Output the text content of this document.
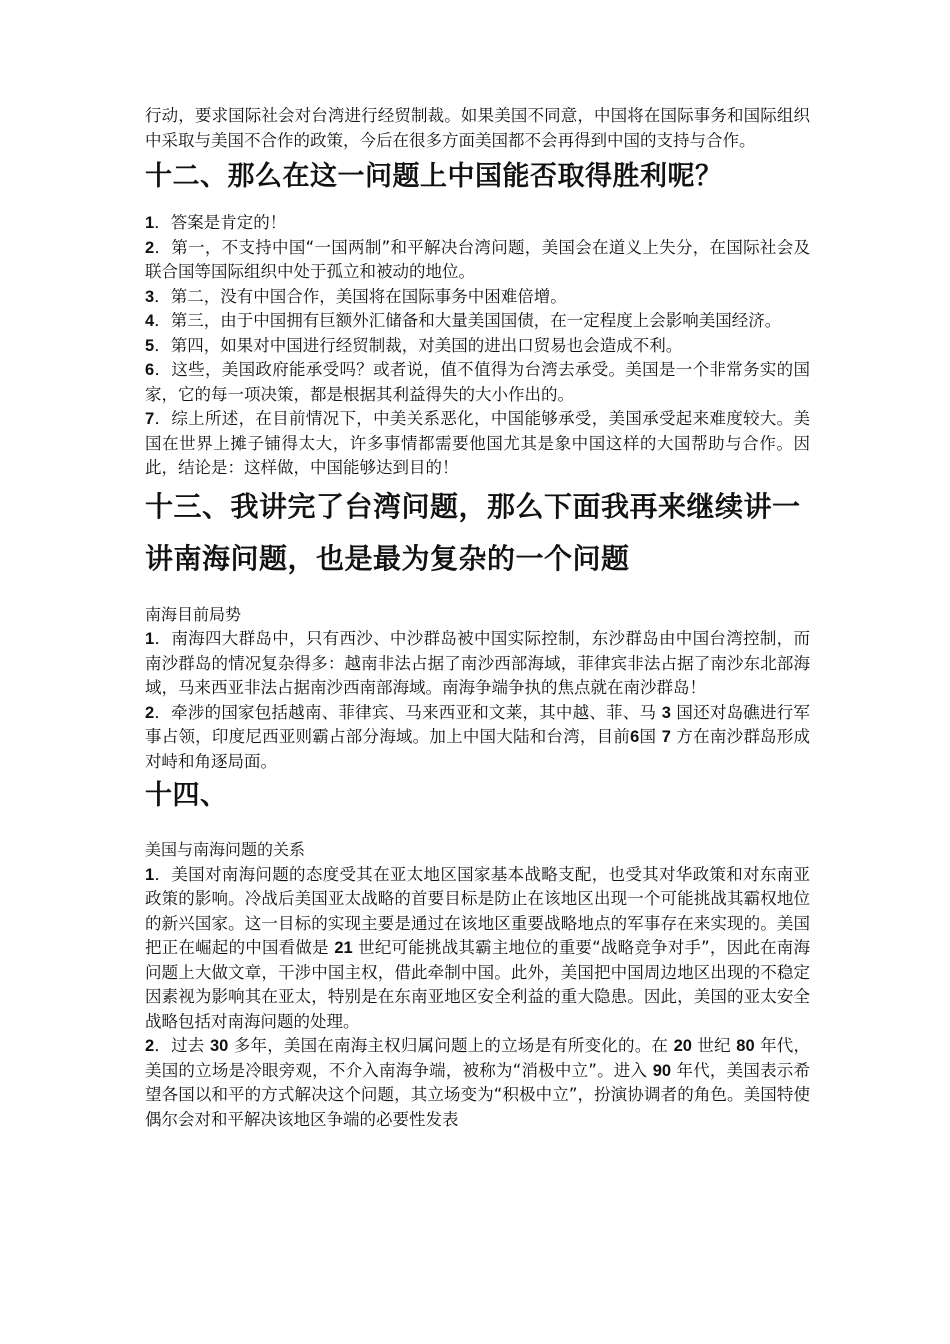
行动，要求国际社会对台湾进行经贸制裁。如果美国不同意，中国将在国际事务和国际组织中采取与美国不合作的政策，今后在很多方面美国都不会再得到中国的支持与合作。

十二、那么在这一问题上中国能否取得胜利呢？

1．答案是肯定的！

2．第一，不支持中国“一国两制”和平解决台湾问题，美国会在道义上失分，在国际社会及联合国等国际组织中处于孤立和被动的地位。

3．第二，没有中国合作，美国将在国际事务中困难倍增。

4．第三，由于中国拥有巨额外汇储备和大量美国国债，在一定程度上会影响美国经济。

5．第四，如果对中国进行经贸制裁，对美国的进出口贸易也会造成不利。

6．这些，美国政府能承受吗？或者说，值不值得为台湾去承受。美国是一个非常务实的国家，它的每一项决策，都是根据其利益得失的大小作出的。

7．综上所述，在目前情况下，中美关系恶化，中国能够承受，美国承受起来难度较大。美国在世界上摊子铺得太大，许多事情都需要他国尤其是象中国这样的大国帮助与合作。因此，结论是：这样做，中国能够达到目的！

十三、我讲完了台湾问题，那么下面我再来继续讲一讲南海问题，也是最为复杂的一个问题

南海目前局势

1．南海四大群岛中，只有西沙、中沙群岛被中国实际控制，东沙群岛由中国台湾控制，而南沙群岛的情况复杂得多：越南非法占据了南沙西部海域，菲律宾非法占据了南沙东北部海域，马来西亚非法占据南沙西南部海域。南海争端争执的焦点就在南沙群岛！

2．牵涉的国家包括越南、菲律宾、马来西亚和文莱，其中越、菲、马 3 国还对岛礁进行军事占领，印度尼西亚则霸占部分海域。加上中国大陆和台湾，目前6国 7 方在南沙群岛形成对峙和角逐局面。

十四、

美国与南海问题的关系

1．美国对南海问题的态度受其在亚太地区国家基本战略支配，也受其对华政策和对东南亚政策的影响。冷战后美国亚太战略的首要目标是防止在该地区出现一个可能挑战其霸权地位的新兴国家。这一目标的实现主要是通过在该地区重要战略地点的军事存在来实现的。美国把正在崛起的中国看做是 21 世纪可能挑战其霸主地位的重要“战略竞争对手”，因此在南海问题上大做文章，干涉中国主权，借此牵制中国。此外，美国把中国周边地区出现的不稳定因素视为影响其在亚太，特别是在东南亚地区安全利益的重大隐患。因此，美国的亚太安全战略包括对南海问题的处理。

2．过去 30 多年，美国在南海主权归属问题上的立场是有所变化的。在 20 世纪 80 年代，美国的立场是冷眼旁观，不介入南海争端，被称为“消极中立”。进入 90 年代，美国表示希望各国以和平的方式解决这个问题，其立场变为“积极中立”，扮演协调者的角色。美国特使偶尔会对和平解决该地区争端的必要性发表
